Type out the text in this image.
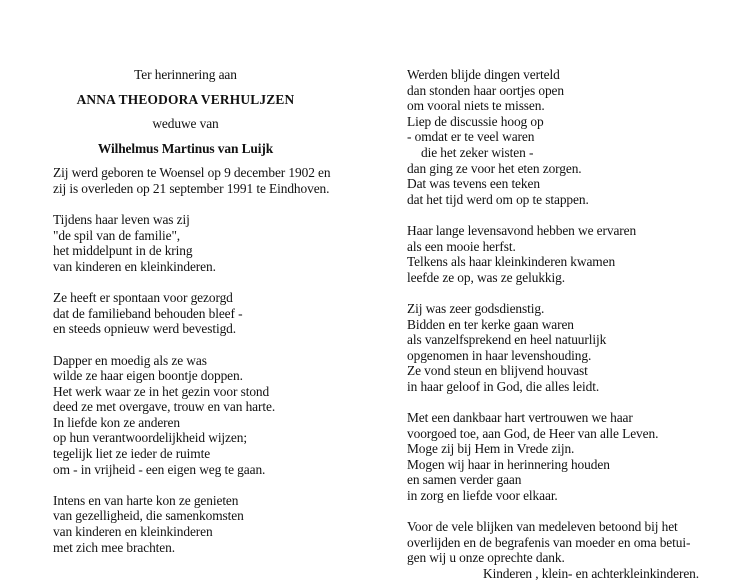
Ter herinnering aan
ANNA THEODORA VERHULJZEN
weduwe van
Wilhelmus Martinus van Luijk
Zij werd geboren te Woensel op 9 december 1902 en
zij is overleden op 21 september 1991 te Eindhoven.
Tijdens haar leven was zij
"de spil van de familie",
het middelpunt in de kring
van kinderen en kleinkinderen.
Ze heeft er spontaan voor gezorgd
dat de familieband behouden bleef -
en steeds opnieuw werd bevestigd.
Dapper en moedig als ze was
wilde ze haar eigen boontje doppen.
Het werk waar ze in het gezin voor stond
deed ze met overgave, trouw en van harte.
In liefde kon ze anderen
op hun verantwoordelijkheid wijzen;
tegelijk liet ze ieder de ruimte
om - in vrijheid - een eigen weg te gaan.
Intens en van harte kon ze genieten
van gezelligheid, die samenkomsten
van kinderen en kleinkinderen
met zich mee brachten.
Werden blijde dingen verteld
dan stonden haar oortjes open
om vooral niets te missen.
Liep de discussie hoog op
- omdat er te veel waren
die het zeker wisten -
dan ging ze voor het eten zorgen.
Dat was tevens een teken
dat het tijd werd om op te stappen.
Haar lange levensavond hebben we ervaren
als een mooie herfst.
Telkens als haar kleinkinderen kwamen
leefde ze op, was ze gelukkig.
Zij was zeer godsdienstig.
Bidden en ter kerke gaan waren
als vanzelfsprekend en heel natuurlijk
opgenomen in haar levenshouding.
Ze vond steun en blijvend houvast
in haar geloof in God, die alles leidt.
Met een dankbaar hart vertrouwen we haar
voorgoed toe, aan God, de Heer van alle Leven.
Moge zij bij Hem in Vrede zijn.
Mogen wij haar in herinnering houden
en samen verder gaan
in zorg en liefde voor elkaar.
Voor de vele blijken van medeleven betoond bij het
overlijden en de begrafenis van moeder en oma betui-
gen wij u onze oprechte dank.
Kinderen , klein- en achterkleinkinderen.
